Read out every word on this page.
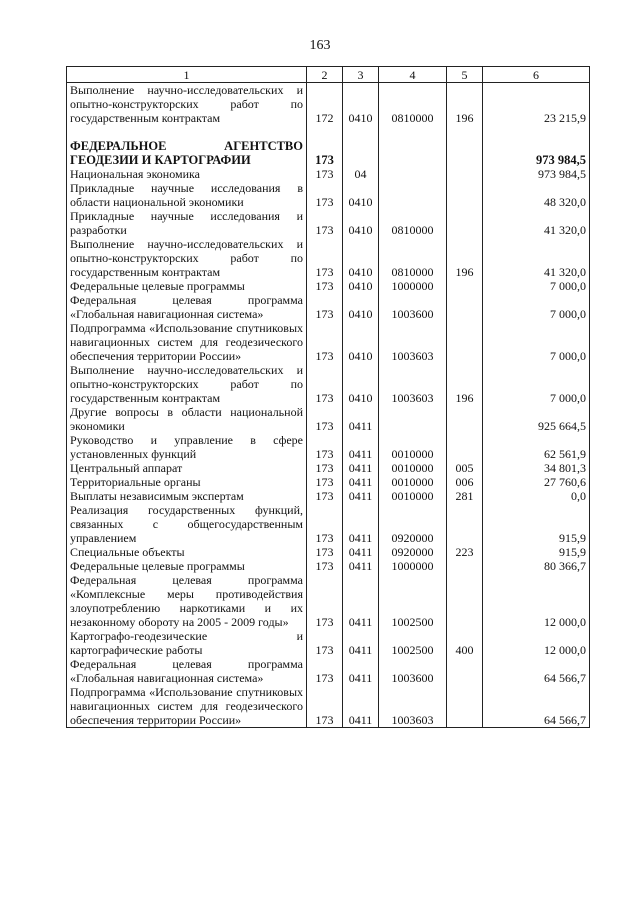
163
1	2	3	4	5	6
Выполнение научно-исследовательских и опытно-конструкторских работ по государственным контрактам	172	0410	0810000	196	23 215,9

ФЕДЕРАЛЬНОЕ АГЕНТСТВО ГЕОДЕЗИИ И КАРТОГРАФИИ	173				973 984,5
Национальная экономика	173	04			973 984,5
Прикладные научные исследования в области национальной экономики	173	0410			48 320,0
Прикладные научные исследования и разработки	173	0410	0810000		41 320,0
Выполнение научно-исследовательских и опытно-конструкторских работ по государственным контрактам	173	0410	0810000	196	41 320,0
Федеральные целевые программы	173	0410	1000000		7 000,0
Федеральная целевая программа «Глобальная навигационная система»	173	0410	1003600		7 000,0
Подпрограмма «Использование спутниковых навигационных систем для геодезического обеспечения территории России»	173	0410	1003603		7 000,0
Выполнение научно-исследовательских и опытно-конструкторских работ по государственным контрактам	173	0410	1003603	196	7 000,0
Другие вопросы в области национальной экономики	173	0411			925 664,5
Руководство и управление в сфере установленных функций	173	0411	0010000		62 561,9
Центральный аппарат	173	0411	0010000	005	34 801,3
Территориальные органы	173	0411	0010000	006	27 760,6
Выплаты независимым экспертам	173	0411	0010000	281	0,0
Реализация государственных функций, связанных с общегосударственным управлением	173	0411	0920000		915,9
Специальные объекты	173	0411	0920000	223	915,9
Федеральные целевые программы	173	0411	1000000		80 366,7
Федеральная целевая программа «Комплексные меры противодействия злоупотреблению наркотиками и их незаконному обороту на 2005 - 2009 годы»	173	0411	1002500		12 000,0
Картографо-геодезические и картографические работы	173	0411	1002500	400	12 000,0
Федеральная целевая программа «Глобальная навигационная система»	173	0411	1003600		64 566,7
Подпрограмма «Использование спутниковых навигационных систем для геодезического обеспечения территории России»	173	0411	1003603		64 566,7
